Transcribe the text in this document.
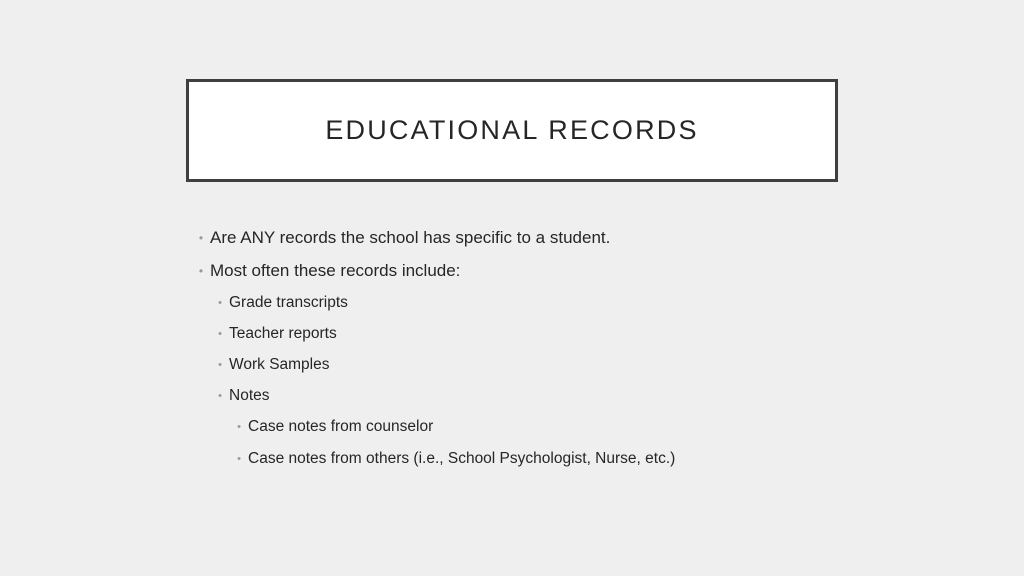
EDUCATIONAL RECORDS
• Are ANY records the school has specific to a student.
• Most often these records include:
• Grade transcripts
• Teacher reports
• Work Samples
• Notes
• Case notes from counselor
• Case notes from others (i.e., School Psychologist, Nurse, etc.)
